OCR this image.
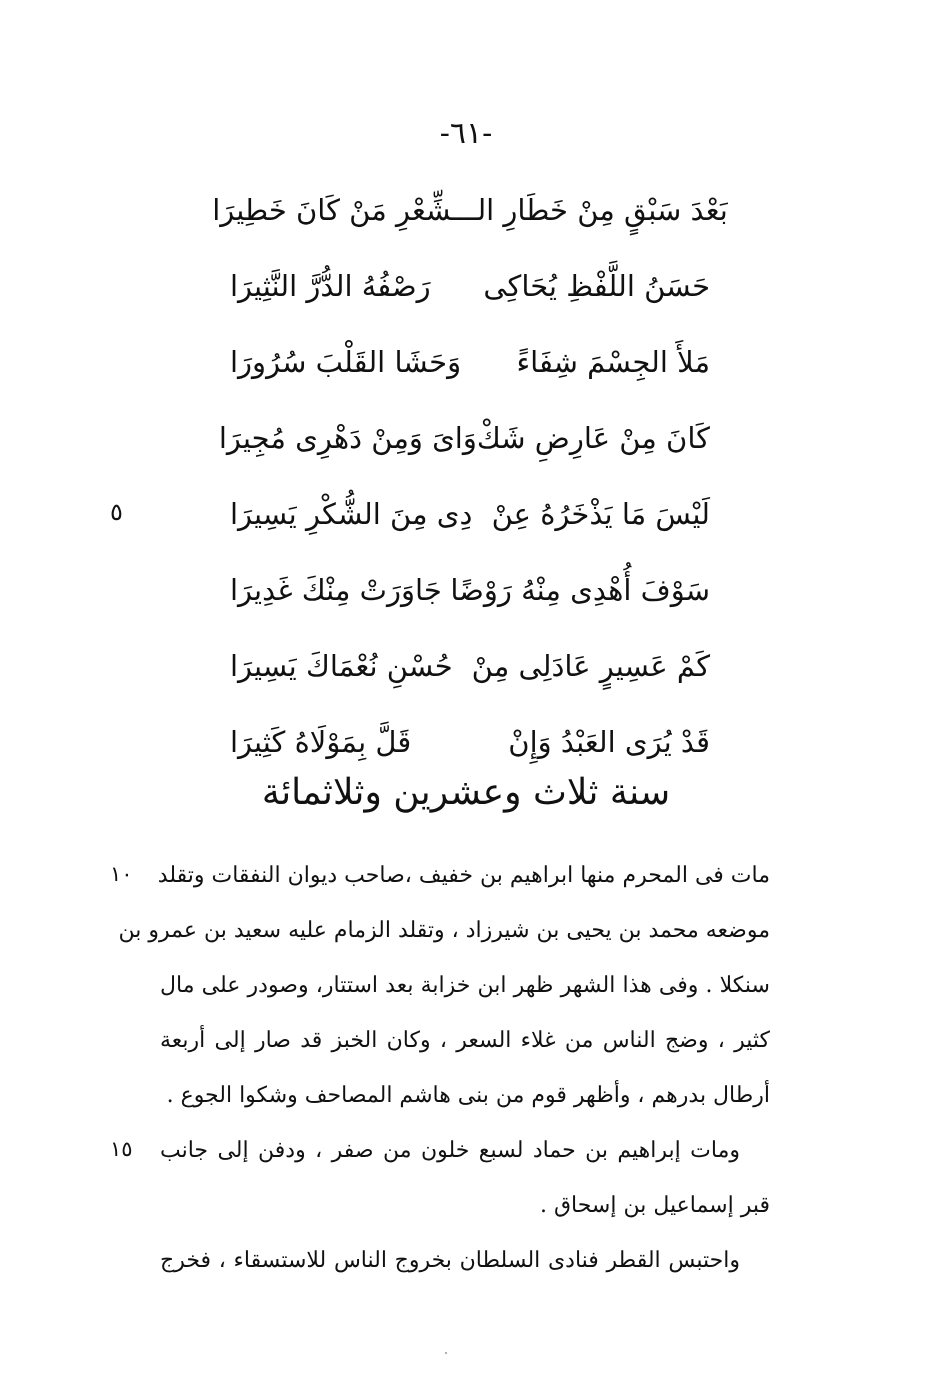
-٦١-
بَعْدَ سَبْقٍ مِنْ خَطَارِ الـــشِّعْرِ مَنْ كَانَ خَطِيرَا
حَسَنُ اللَّفْظِ يُحَاكِى
رَصْفُهُ الدُّرَّ النَّثِيرَا
مَلأَ الجِسْمَ شِفَاءً
وَحَشَا القَلْبَ سُرُورَا
كَانَ مِنْ عَارِضِ شَكْ
وَاىَ وَمِنْ دَهْرِى مُجِيرَا
لَيْسَ مَا يَذْخَرُهُ عِنْ
دِى مِنَ الشُّكْرِ يَسِيرَا
سَوْفَ أُهْدِى مِنْهُ رَوْضًا
جَاوَرَتْ مِنْكَ غَدِيرَا
كَمْ عَسِيرٍ عَادَلِى مِنْ
حُسْنِ نُعْمَاكَ يَسِيرَا
قَدْ يُرَى العَبْدُ وَإِنْ
قَلَّ بِمَوْلَاهُ كَثِيرَا
سنة ثلاث وعشرين وثلاثمائة
مات فى المحرم منها ابراهيم بن خفيف ،صاحب ديوان النفقات وتقلد
موضعه محمد بن يحيى بن شيرزاد ، وتقلد الزمام عليه سعيد بن عمرو بن
سنكلا . وفى هذا الشهر ظهر ابن خزابة بعد استتار، وصودر على مال
كثير ، وضج الناس من غلاء السعر ، وكان الخبز قد صار إلى أربعة
أرطال بدرهم ، وأظهر قوم من بنى هاشم المصاحف وشكوا الجوع .
ومات إبراهيم بن حماد لسبع خلون من صفر ، ودفن إلى جانب
قبر إسماعيل بن إسحاق .
واحتبس القطر فنادى السلطان بخروج الناس للاستسقاء ، فخرج
٥
١٠
١٥
